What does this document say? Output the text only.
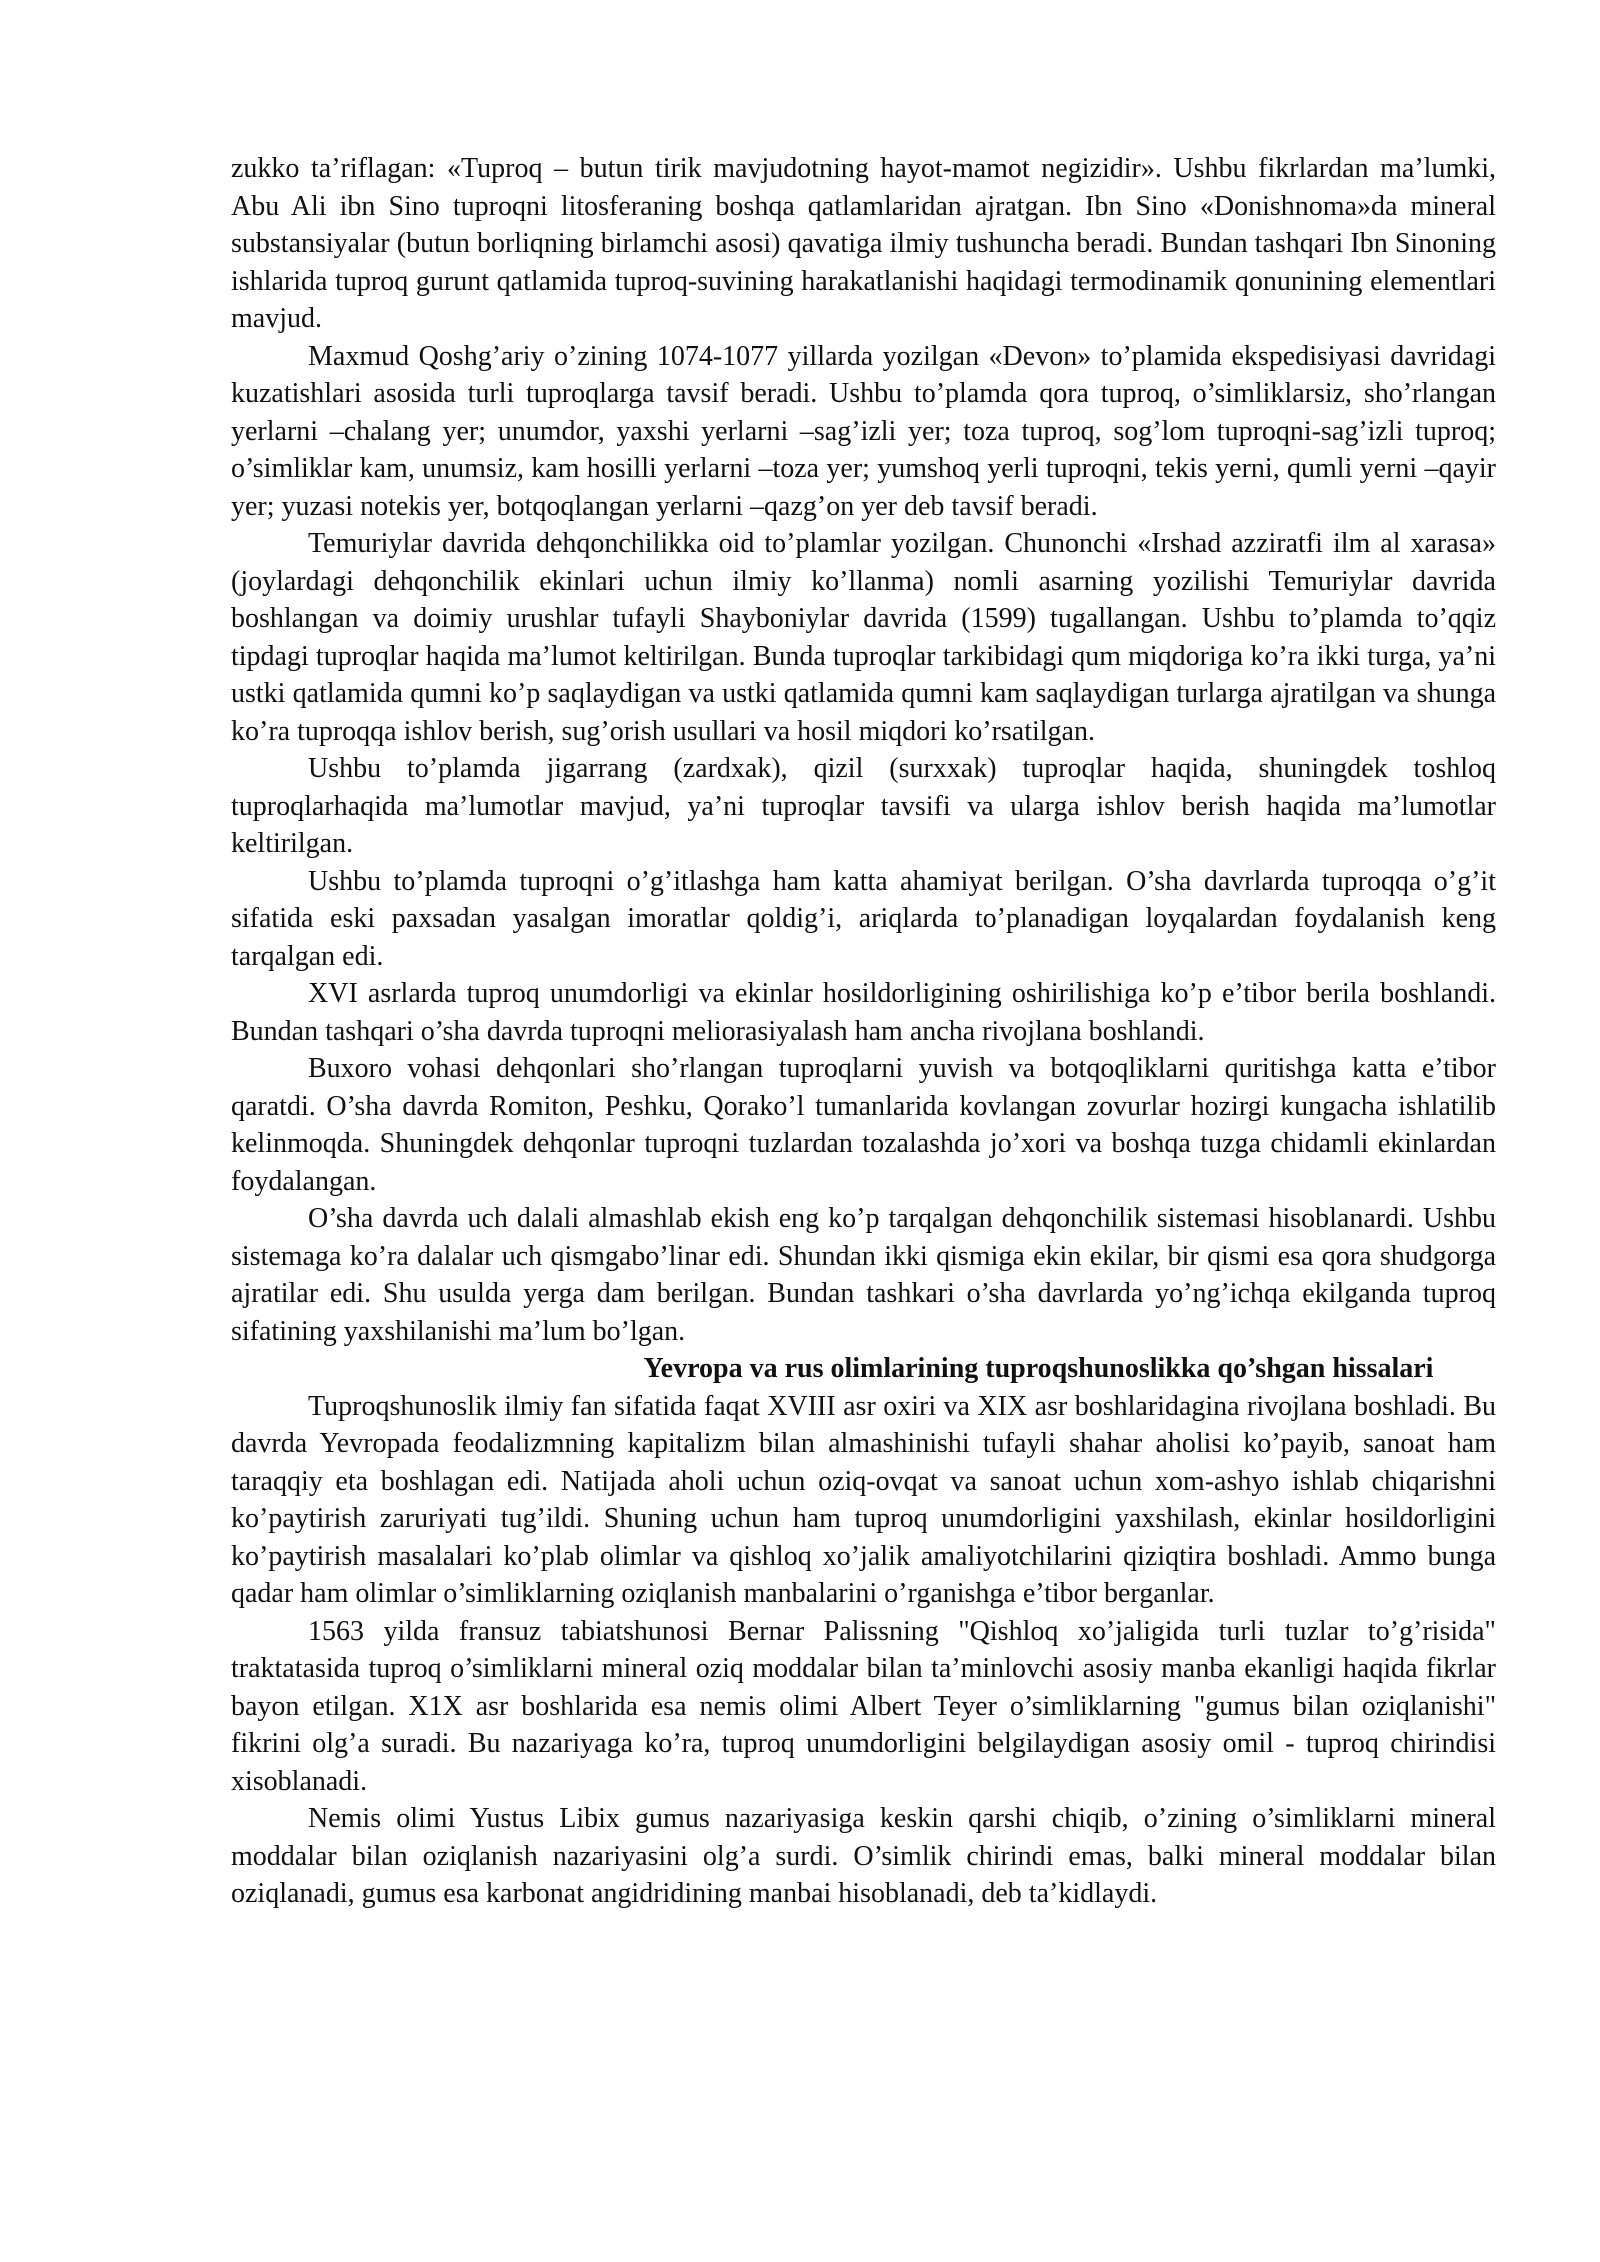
zukko ta’riflagan: «Tuproq – butun tirik mavjudotning hayot-mamot negizidir». Ushbu fikrlardan ma’lumki, Abu Ali ibn Sino tuproqni litosferaning boshqa qatlamlaridan ajratgan. Ibn Sino «Donishnoma»da mineral substansiyalar (butun borliqning birlamchi asosi) qavatiga ilmiy tushuncha beradi. Bundan tashqari Ibn Sinoning ishlarida tuproq gurunt qatlamida tuproq-suvining harakatlanishi haqidagi termodinamik qonunining elementlari mavjud.

Maxmud Qoshg’ariy o’zining 1074-1077 yillarda yozilgan «Devon» to’plamida ekspedisiyasi davridagi kuzatishlari asosida turli tuproqlarga tavsif beradi. Ushbu to’plamda qora tuproq, o’simliklarsiz, sho’rlangan yerlarni –chalang yer; unumdor, yaxshi yerlarni –sag’izli yer; toza tuproq, sog’lom tuproqni-sag’izli tuproq; o’simliklar kam, unumsiz, kam hosilli yerlarni –toza yer; yumshoq yerli tuproqni, tekis yerni, qumli yerni –qayir yer; yuzasi notekis yer, botqoqlangan yerlarni –qazg’on yer deb tavsif beradi.

Temuriylar davrida dehqonchilikka oid to’plamlar yozilgan. Chunonchi «Irshad azziratfi ilm al xarasa» (joylardagi dehqonchilik ekinlari uchun ilmiy ko’llanma) nomli asarning yozilishi Temuriylar davrida boshlangan va doimiy urushlar tufayli Shayboniylar davrida (1599) tugallangan. Ushbu to’plamda to’qqiz tipdagi tuproqlar haqida ma’lumot keltirilgan. Bunda tuproqlar tarkibidagi qum miqdoriga ko’ra ikki turga, ya’ni ustki qatlamida qumni ko’p saqlaydigan va ustki qatlamida qumni kam saqlaydigan turlarga ajratilgan va shunga ko’ra tuproqqa ishlov berish, sug’orish usullari va hosil miqdori ko’rsatilgan.

Ushbu to’plamda jigarrang (zardxak), qizil (surxxak) tuproqlar haqida, shuningdek toshloq tuproqlarhaqida ma’lumotlar mavjud, ya’ni tuproqlar tavsifi va ularga ishlov berish haqida ma’lumotlar keltirilgan.

Ushbu to’plamda tuproqni o’g’itlashga ham katta ahamiyat berilgan. O’sha davrlarda tuproqqa o’g’it sifatida eski paxsadan yasalgan imoratlar qoldig’i, ariqlarda to’planadigan loyqalardan foydalanish keng tarqalgan edi.

XVI asrlarda tuproq unumdorligi va ekinlar hosildorligining oshirilishiga ko’p e’tibor berila boshlandi. Bundan tashqari o’sha davrda tuproqni meliorasiyalash ham ancha rivojlana boshlandi.

Buxoro vohasi dehqonlari sho’rlangan tuproqlarni yuvish va botqoqliklarni quritishga katta e’tibor qaratdi. O’sha davrda Romiton, Peshku, Qorako’l tumanlarida kovlangan zovurlar hozirgi kungacha ishlatilib kelinmoqda. Shuningdek dehqonlar tuproqni tuzlardan tozalashda jo’xori va boshqa tuzga chidamli ekinlardan foydalangan.

O’sha davrda uch dalali almashlab ekish eng ko’p tarqalgan dehqonchilik sistemasi hisoblanardi. Ushbu sistemaga ko’ra dalalar uch qismgabo’linar edi. Shundan ikki qismiga ekin ekilar, bir qismi esa qora shudgorga ajratilar edi. Shu usulda yerga dam berilgan. Bundan tashkari o’sha davrlarda yo’ng’ichqa ekilganda tuproq sifatining yaxshilanishi ma’lum bo’lgan.

Yevropa va rus olimlarining tuproqshunoslikka qo’shgan hissalari

Tuproqshunoslik ilmiy fan sifatida faqat XVIII asr oxiri va XIX asr boshlaridagina rivojlana boshladi. Bu davrda Yevropada feodalizmning kapitalizm bilan almashinishi tufayli shahar aholisi ko’payib, sanoat ham taraqqiy eta boshlagan edi. Natijada aholi uchun oziq-ovqat va sanoat uchun xom-ashyo ishlab chiqarishni ko’paytirish zaruriyati tug’ildi. Shuning uchun ham tuproq unumdorligini yaxshilash, ekinlar hosildorligini ko’paytirish masalalari ko’plab olimlar va qishloq xo’jalik amaliyotchilarini qiziqtira boshladi. Ammo bunga qadar ham olimlar o’simliklarning oziqlanish manbalarini o’rganishga e’tibor berganlar.

1563 yilda fransuz tabiatshunosi Bernar Palissning "Qishloq xo’jaligida turli tuzlar to’g’risida" traktatasida tuproq o’simliklarni mineral oziq moddalar bilan ta’minlovchi asosiy manba ekanligi haqida fikrlar bayon etilgan. X1X asr boshlarida esa nemis olimi Albert Teyer o’simliklarning "gumus bilan oziqlanishi" fikrini olg’a suradi. Bu nazariyaga ko’ra, tuproq unumdorligini belgilaydigan asosiy omil - tuproq chirindisi xisoblanadi.

Nemis olimi Yustus Libix gumus nazariyasiga keskin qarshi chiqib, o’zining o’simliklarni mineral moddalar bilan oziqlanish nazariyasini olg’a surdi. O’simlik chirindi emas, balki mineral moddalar bilan oziqlanadi, gumus esa karbonat angidridining manbai hisoblanadi, deb ta’kidlaydi.
